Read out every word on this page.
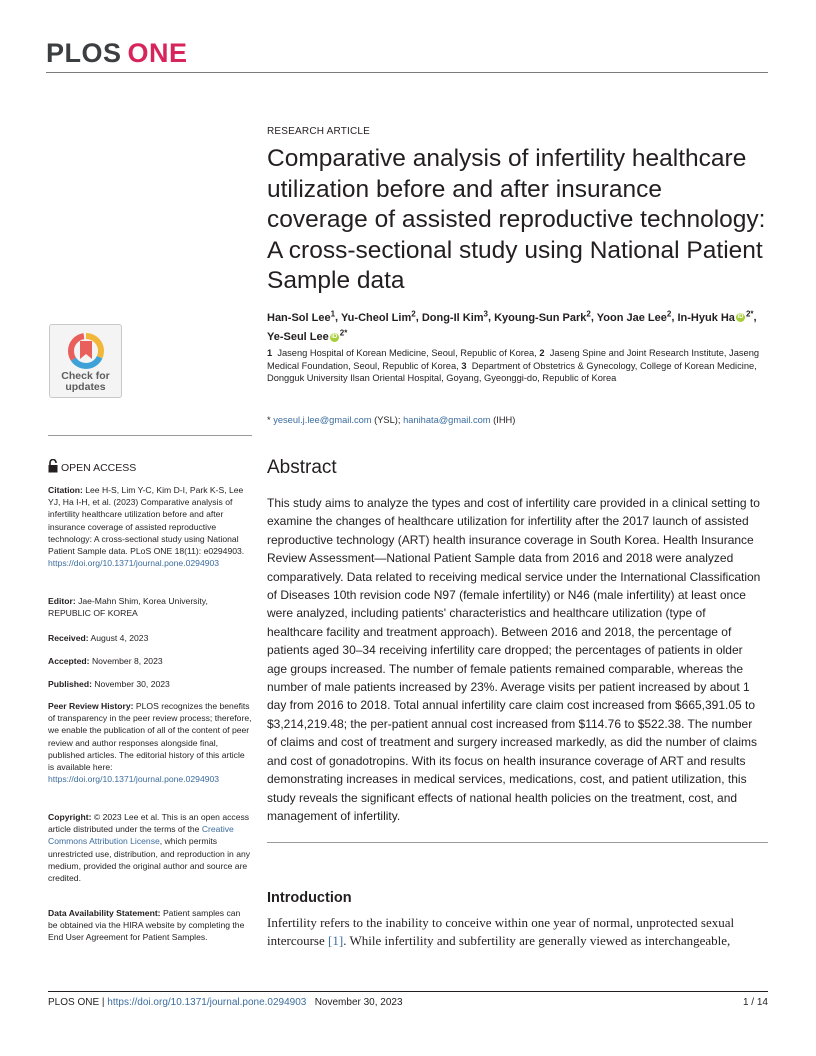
PLOS ONE
RESEARCH ARTICLE
Comparative analysis of infertility healthcare utilization before and after insurance coverage of assisted reproductive technology: A cross-sectional study using National Patient Sample data
Han-Sol Lee$^1$, Yu-Cheol Lim$^2$, Dong-Il Kim$^3$, Kyoung-Sun Park$^2$, Yoon Jae Lee$^2$, In-Hyuk Ha iD $^{2*}$, Ye-Seul Lee iD $^{2*}$
1 Jaseng Hospital of Korean Medicine, Seoul, Republic of Korea, 2 Jaseng Spine and Joint Research Institute, Jaseng Medical Foundation, Seoul, Republic of Korea, 3 Department of Obstetrics & Gynecology, College of Korean Medicine, Dongguk University Ilsan Oriental Hospital, Goyang, Gyeonggi-do, Republic of Korea
* yeseul.j.lee@gmail.com (YSL); hanihata@gmail.com (IHH)
Check for
updates
OPEN ACCESS
Citation: Lee H-S, Lim Y-C, Kim D-I, Park K-S, Lee YJ, Ha I-H, et al. (2023) Comparative analysis of infertility healthcare utilization before and after insurance coverage of assisted reproductive technology: A cross-sectional study using National Patient Sample data. PLoS ONE 18(11): e0294903. https://doi.org/10.1371/journal.pone.0294903
Editor: Jae-Mahn Shim, Korea University, REPUBLIC OF KOREA
Received: August 4, 2023
Accepted: November 8, 2023
Published: November 30, 2023
Peer Review History: PLOS recognizes the benefits of transparency in the peer review process; therefore, we enable the publication of all of the content of peer review and author responses alongside final, published articles. The editorial history of this article is available here: https://doi.org/10.1371/journal.pone.0294903
Copyright: © 2023 Lee et al. This is an open access article distributed under the terms of the Creative Commons Attribution License, which permits unrestricted use, distribution, and reproduction in any medium, provided the original author and source are credited.
Data Availability Statement: Patient samples can be obtained via the HIRA website by completing the End User Agreement for Patient Samples.
Abstract
This study aims to analyze the types and cost of infertility care provided in a clinical setting to examine the changes of healthcare utilization for infertility after the 2017 launch of assisted reproductive technology (ART) health insurance coverage in South Korea. Health Insurance Review Assessment—National Patient Sample data from 2016 and 2018 were analyzed comparatively. Data related to receiving medical service under the International Classification of Diseases 10th revision code N97 (female infertility) or N46 (male infertility) at least once were analyzed, including patients' characteristics and healthcare utilization (type of healthcare facility and treatment approach). Between 2016 and 2018, the percentage of patients aged 30–34 receiving infertility care dropped; the percentages of patients in older age groups increased. The number of female patients remained comparable, whereas the number of male patients increased by 23%. Average visits per patient increased by about 1 day from 2016 to 2018. Total annual infertility care claim cost increased from $665,391.05 to $3,214,219.48; the per-patient annual cost increased from $114.76 to $522.38. The number of claims and cost of treatment and surgery increased markedly, as did the number of claims and cost of gonadotropins. With its focus on health insurance coverage of ART and results demonstrating increases in medical services, medications, cost, and patient utilization, this study reveals the significant effects of national health policies on the treatment, cost, and management of infertility.
Introduction
Infertility refers to the inability to conceive within one year of normal, unprotected sexual intercourse [1]. While infertility and subfertility are generally viewed as interchangeable,
PLOS ONE | https://doi.org/10.1371/journal.pone.0294903 November 30, 2023	1 / 14
